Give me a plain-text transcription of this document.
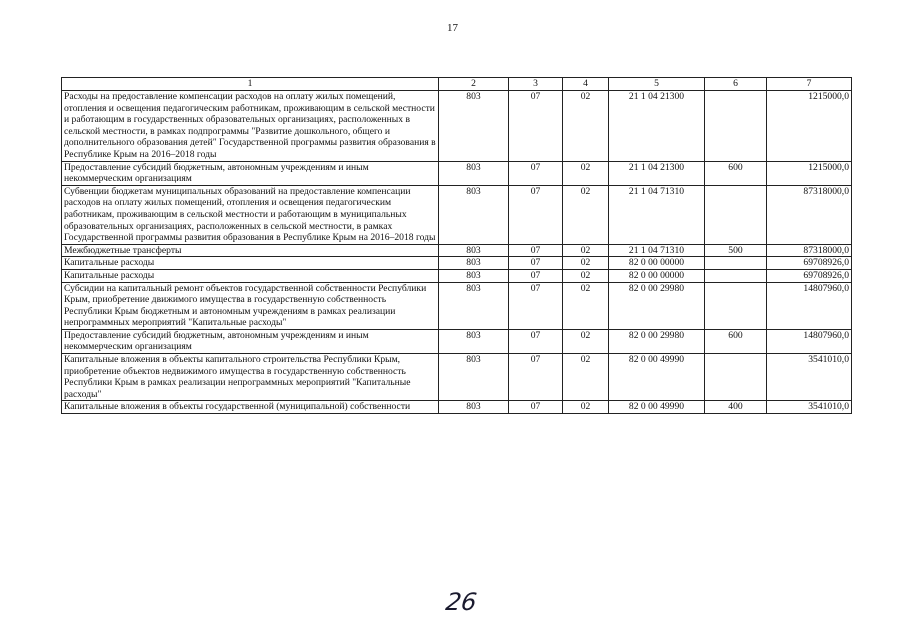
17
1	2	3	4	5	6	7
Расходы на предоставление компенсации расходов на оплату жилых помещений, отопления и освещения педагогическим работникам, проживающим в сельской местности и работающим в государственных образовательных организациях, расположенных в сельской местности, в рамках подпрограммы "Развитие дошкольного, общего и дополнительного образования детей" Государственной программы развития образования в Республике Крым на 2016–2018 годы	803	07	02	21 1 04 21300		1215000,0
Предоставление субсидий бюджетным, автономным учреждениям и иным некоммерческим организациям	803	07	02	21 1 04 21300	600	1215000,0
Субвенции бюджетам муниципальных образований на предоставление компенсации расходов на оплату жилых помещений, отопления и освещения педагогическим работникам, проживающим в сельской местности и работающим в муниципальных образовательных организациях, расположенных в сельской местности, в рамках Государственной программы развития образования в Республике Крым на 2016–2018 годы	803	07	02	21 1 04 71310		87318000,0
Межбюджетные трансферты	803	07	02	21 1 04 71310	500	87318000,0
Капитальные расходы	803	07	02	82 0 00 00000		69708926,0
Капитальные расходы	803	07	02	82 0 00 00000		69708926,0
Субсидии на капитальный ремонт объектов государственной собственности Республики Крым, приобретение движимого имущества в государственную собственность Республики Крым бюджетным и автономным учреждениям в рамках реализации непрограммных мероприятий "Капитальные расходы"	803	07	02	82 0 00 29980		14807960,0
Предоставление субсидий бюджетным, автономным учреждениям и иным некоммерческим организациям	803	07	02	82 0 00 29980	600	14807960,0
Капитальные вложения в объекты капитального строительства Республики Крым, приобретение объектов недвижимого имущества в государственную собственность Республики Крым в рамках реализации непрограммных мероприятий "Капитальные расходы"	803	07	02	82 0 00 49990		3541010,0
Капитальные вложения в объекты государственной (муниципальной) собственности	803	07	02	82 0 00 49990	400	3541010,0
26
